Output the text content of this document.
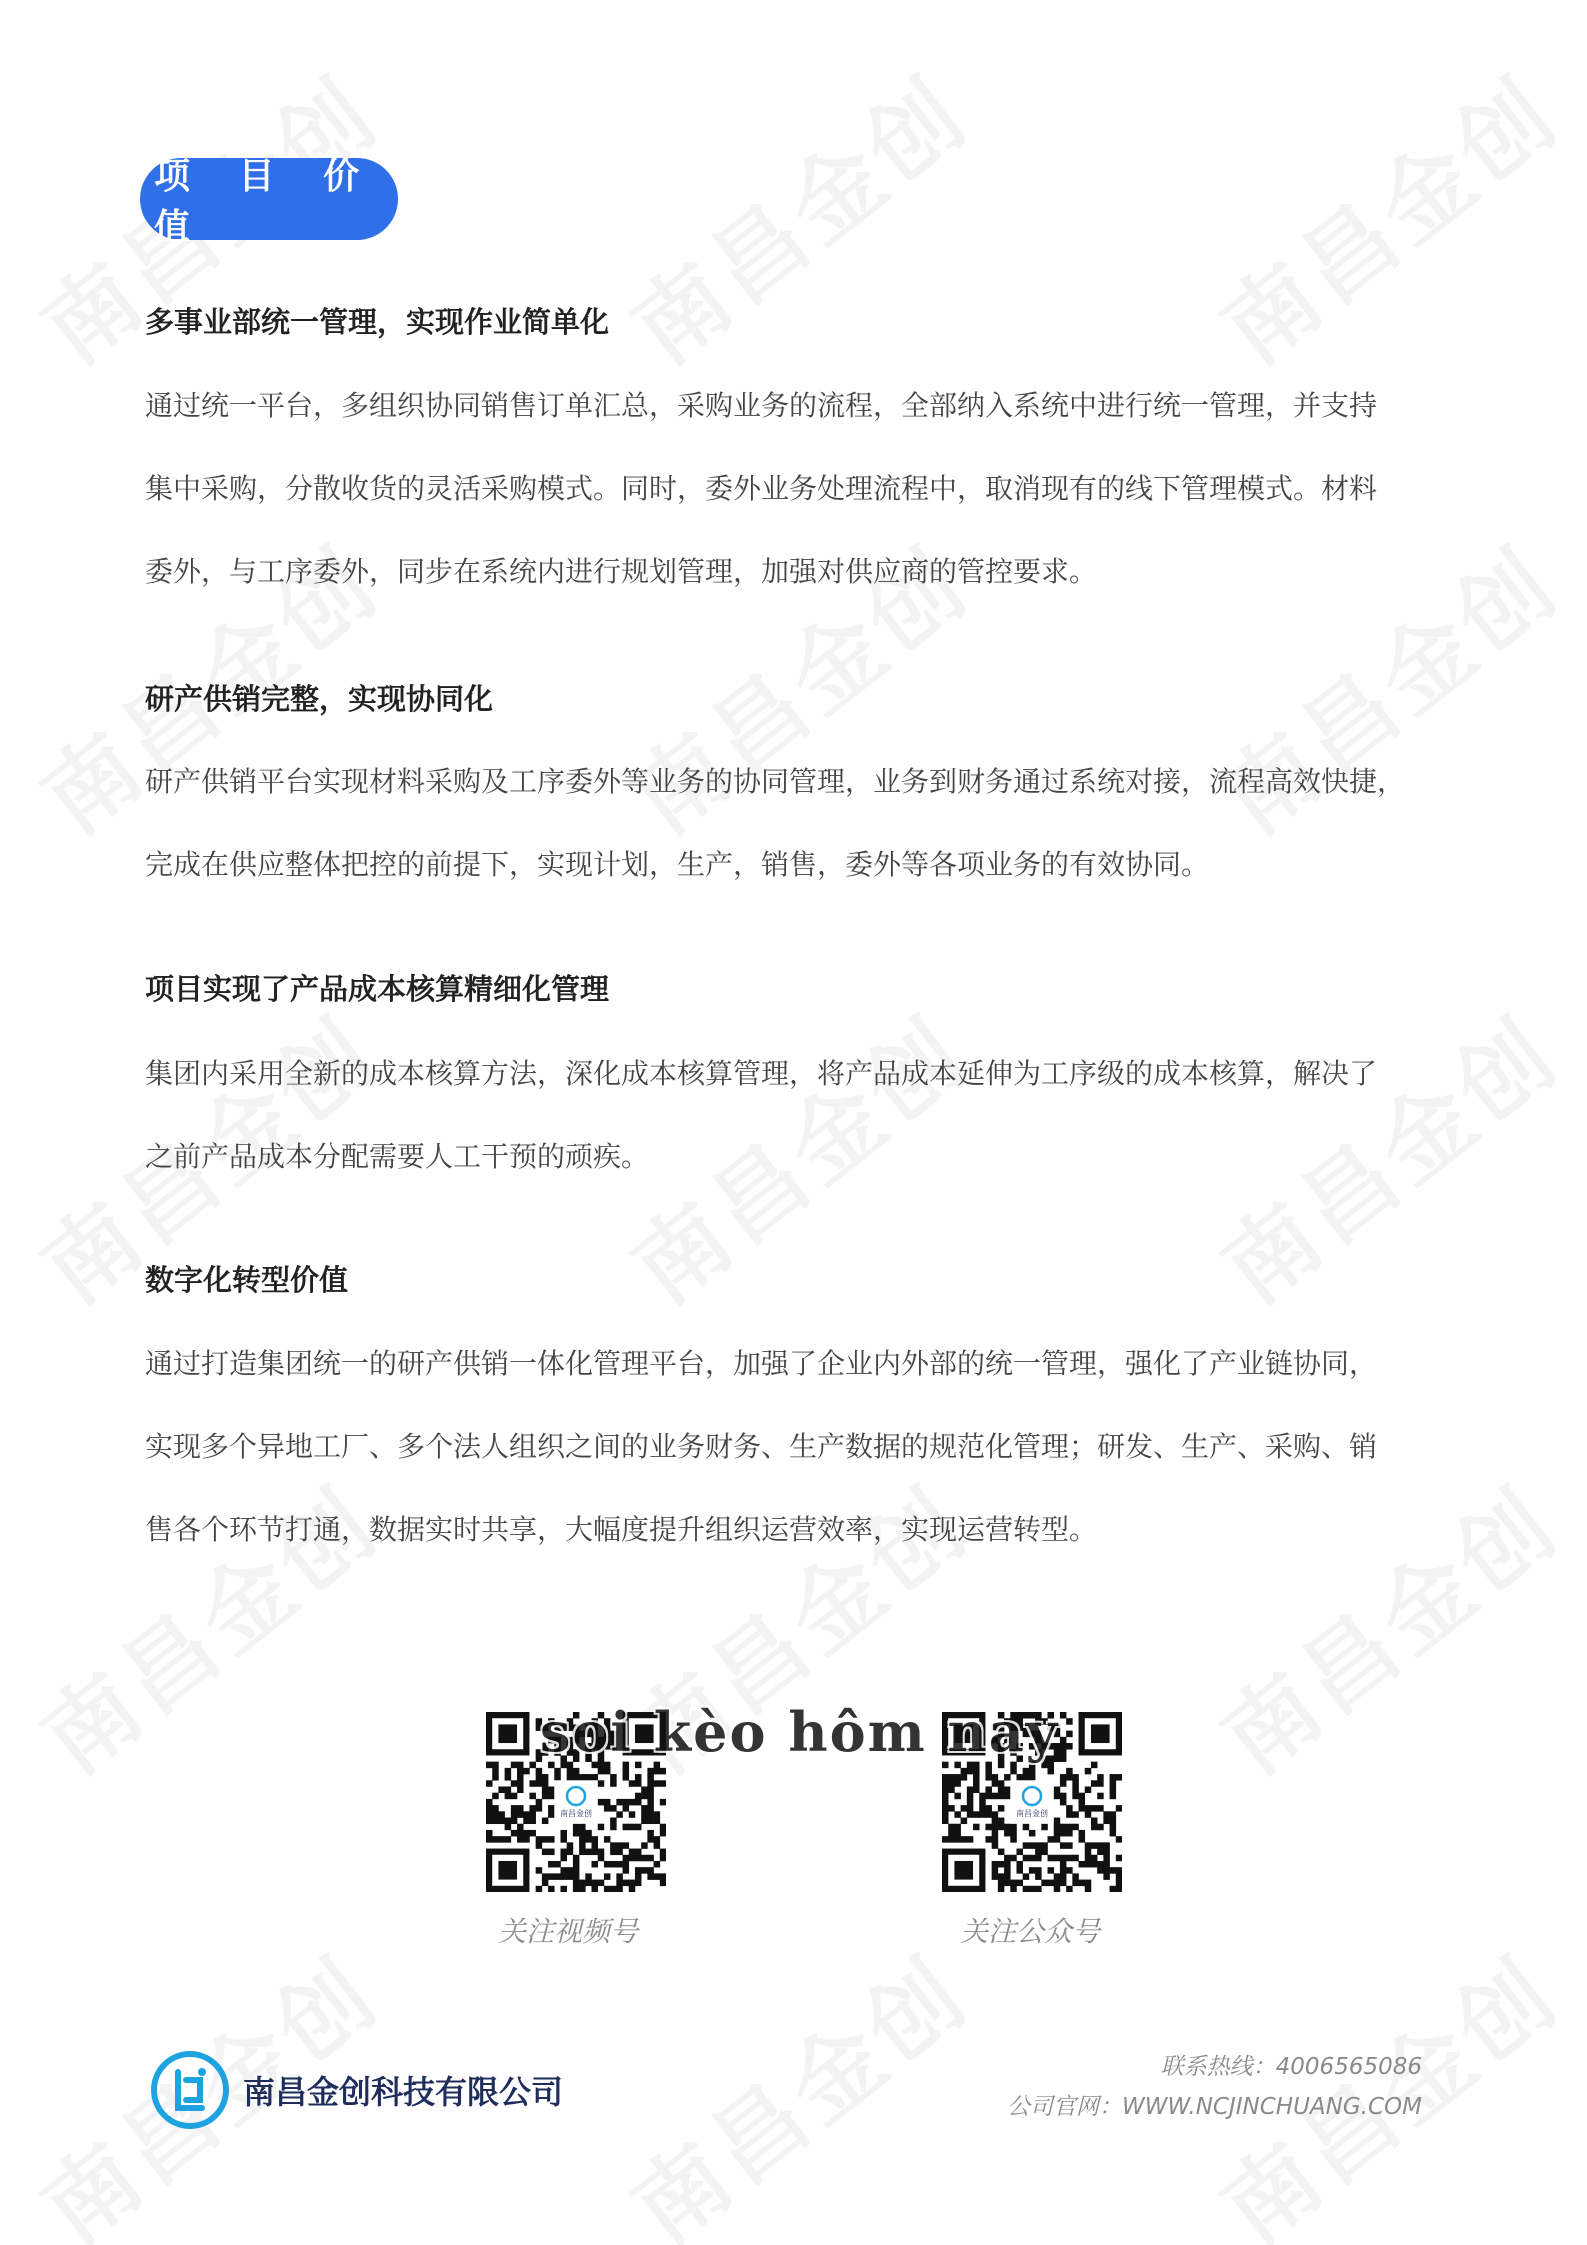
项 目 价 值
多事业部统一管理，实现作业简单化
通过统一平台，多组织协同销售订单汇总，采购业务的流程，全部纳入系统中进行统一管理，并支持
集中采购，分散收货的灵活采购模式。同时，委外业务处理流程中，取消现有的线下管理模式。材料
委外，与工序委外，同步在系统内进行规划管理，加强对供应商的管控要求。
研产供销完整，实现协同化
研产供销平台实现材料采购及工序委外等业务的协同管理，业务到财务通过系统对接，流程高效快捷，
完成在供应整体把控的前提下，实现计划，生产，销售，委外等各项业务的有效协同。
项目实现了产品成本核算精细化管理
集团内采用全新的成本核算方法，深化成本核算管理，将产品成本延伸为工序级的成本核算，解决了
之前产品成本分配需要人工干预的顽疾。
数字化转型价值
通过打造集团统一的研产供销一体化管理平台，加强了企业内外部的统一管理，强化了产业链协同，
实现多个异地工厂、多个法人组织之间的业务财务、生产数据的规范化管理；研发、生产、采购、销
售各个环节打通，数据实时共享，大幅度提升组织运营效率，实现运营转型。
南昌金创
关注视频号
南昌金创
关注公众号
soi kèo hôm nay
南昌金创科技有限公司
联系热线：4006565086
公司官网：WWW.NCJINCHUANG.COM
